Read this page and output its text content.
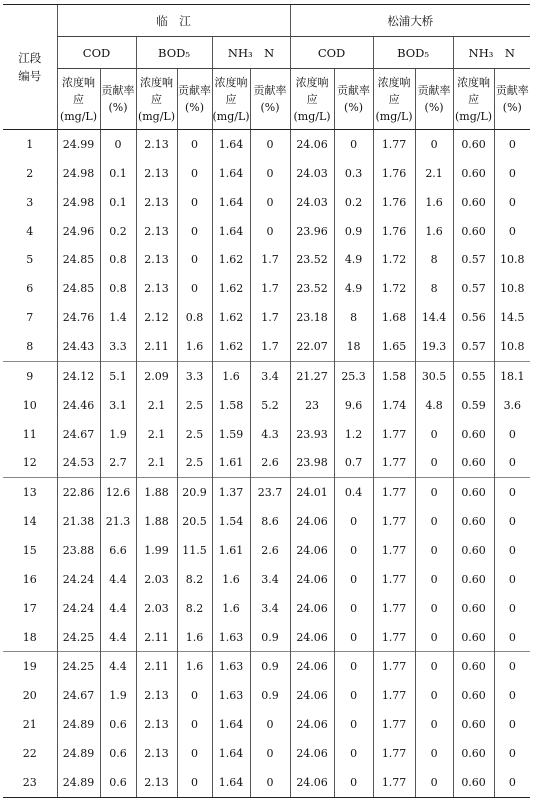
江段编号	临　江						松浦大桥					
	COD		BOD₅		NH₃　N		COD		BOD₅		NH₃　N	
	浓度响应(mg/L)	贡献率(%)	浓度响应(mg/L)	贡献率(%)	浓度响应(mg/L)	贡献率(%)	浓度响应(mg/L)	贡献率(%)	浓度响应(mg/L)	贡献率(%)	浓度响应(mg/L)	贡献率(%)
1	24.99	0	2.13	0	1.64	0	24.06	0	1.77	0	0.60	0
2	24.98	0.1	2.13	0	1.64	0	24.03	0.3	1.76	2.1	0.60	0
3	24.98	0.1	2.13	0	1.64	0	24.03	0.2	1.76	1.6	0.60	0
4	24.96	0.2	2.13	0	1.64	0	23.96	0.9	1.76	1.6	0.60	0
5	24.85	0.8	2.13	0	1.62	1.7	23.52	4.9	1.72	8	0.57	10.8
6	24.85	0.8	2.13	0	1.62	1.7	23.52	4.9	1.72	8	0.57	10.8
7	24.76	1.4	2.12	0.8	1.62	1.7	23.18	8	1.68	14.4	0.56	14.5
8	24.43	3.3	2.11	1.6	1.62	1.7	22.07	18	1.65	19.3	0.57	10.8
9	24.12	5.1	2.09	3.3	1.6	3.4	21.27	25.3	1.58	30.5	0.55	18.1
10	24.46	3.1	2.1	2.5	1.58	5.2	23	9.6	1.74	4.8	0.59	3.6
11	24.67	1.9	2.1	2.5	1.59	4.3	23.93	1.2	1.77	0	0.60	0
12	24.53	2.7	2.1	2.5	1.61	2.6	23.98	0.7	1.77	0	0.60	0
13	22.86	12.6	1.88	20.9	1.37	23.7	24.01	0.4	1.77	0	0.60	0
14	21.38	21.3	1.88	20.5	1.54	8.6	24.06	0	1.77	0	0.60	0
15	23.88	6.6	1.99	11.5	1.61	2.6	24.06	0	1.77	0	0.60	0
16	24.24	4.4	2.03	8.2	1.6	3.4	24.06	0	1.77	0	0.60	0
17	24.24	4.4	2.03	8.2	1.6	3.4	24.06	0	1.77	0	0.60	0
18	24.25	4.4	2.11	1.6	1.63	0.9	24.06	0	1.77	0	0.60	0
19	24.25	4.4	2.11	1.6	1.63	0.9	24.06	0	1.77	0	0.60	0
20	24.67	1.9	2.13	0	1.63	0.9	24.06	0	1.77	0	0.60	0
21	24.89	0.6	2.13	0	1.64	0	24.06	0	1.77	0	0.60	0
22	24.89	0.6	2.13	0	1.64	0	24.06	0	1.77	0	0.60	0
23	24.89	0.6	2.13	0	1.64	0	24.06	0	1.77	0	0.60	0
